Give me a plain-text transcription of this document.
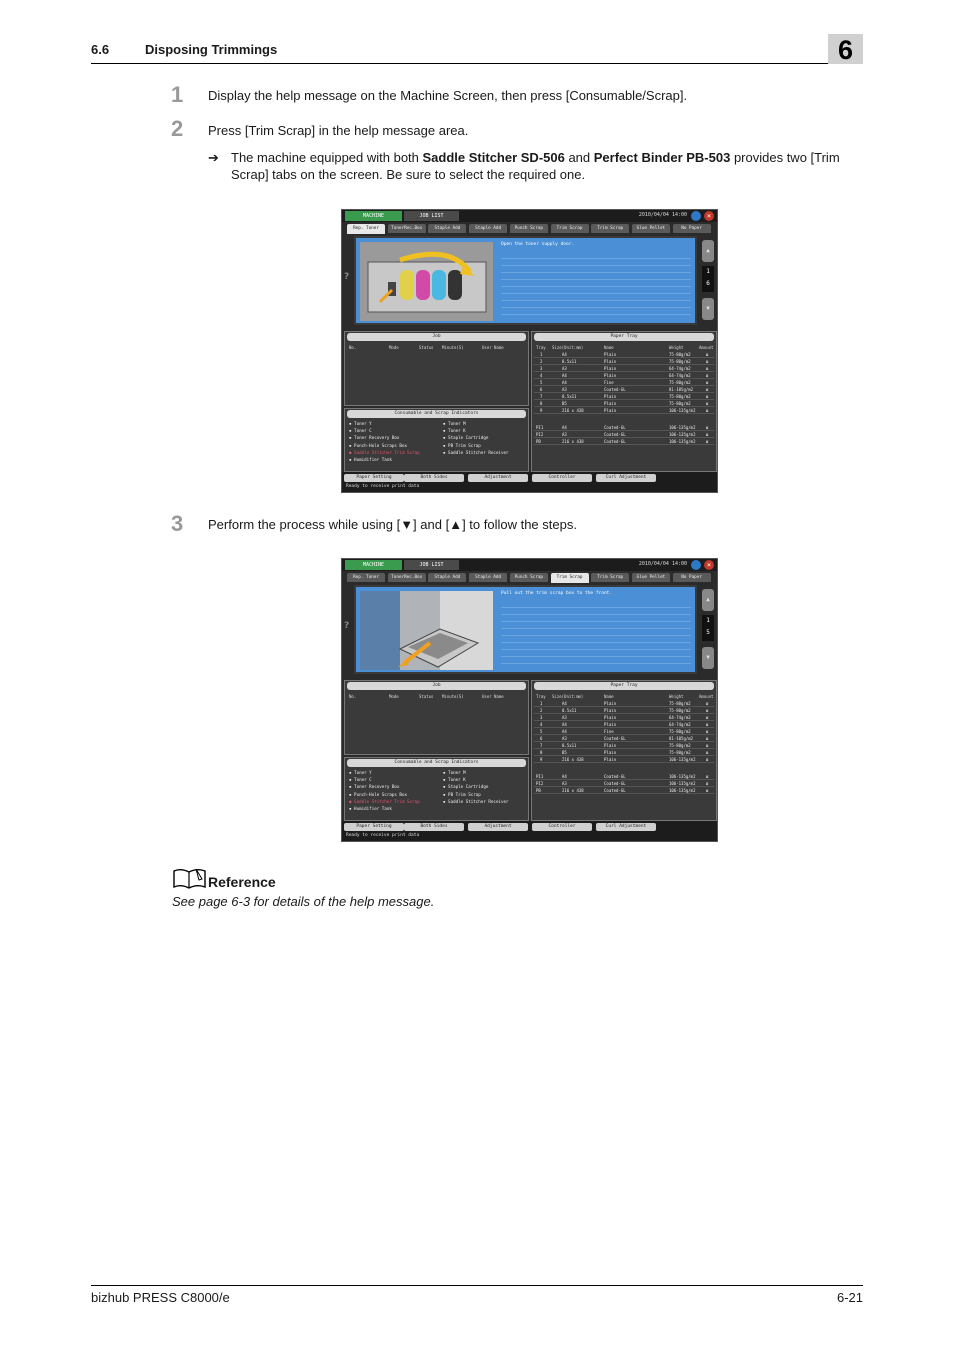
6.6	Disposing Trimmings	6
1 Display the help message on the Machine Screen, then press [Consumable/Scrap].
2 Press [Trim Scrap] in the help message area.
➔ The machine equipped with both Saddle Stitcher SD-506 and Perfect Binder PB-503 provides two [Trim Scrap] tabs on the screen. Be sure to select the required one.
MACHINE	JOB LIST	2010/04/04 14:00	×
Rep. Toner	TonerRec.Box	Staple Add	Staple Add	Punch Scrap	Trim Scrap	Trim Scrap	Glue Pellet	No Paper
?
Open the toner supply door.
▲
1
6
▼
Job
No.	Mode	Status Minute(S)	User Name
Paper Tray
Tray Size(Unit:mm)	Name	Weight	Amount
1	A4	Plain	75-80g/m2	≣
2	8.5x11	Plain	75-80g/m2	≣
3	A3	Plain	64-74g/m2	≣
4	A4	Plain	64-74g/m2	≣
5	A4	Fine	75-80g/m2	≣
6	A3	Coated-GL	81-105g/m2	≣
7	8.5x11	Plain	75-80g/m2	≣
8	B5	Plain	75-80g/m2	≣
9	216 x 438	Plain	106-135g/m2	≣
PI1	A4	Coated-GL	106-135g/m2	≣
PI2	A3	Coated-GL	106-135g/m2	≣
PB	216 x 438	Coated-GL	106-135g/m2	≣
Consumable and Scrap Indicators
▪ Toner Y	▪ Toner M
▪ Toner C	▪ Toner K
▪ Toner Recovery Box	▪ Staple Cartridge
▪ Punch-Hole Scraps Box	▪ PB Trim Scrap
● Saddle Stitcher Trim Scrap	▪ Saddle Stitcher Receiver
▪ Humidifier Tank
Paper Setting	Both Sides	Adjustment	Controller	Curl Adjustment
Ready to receive print data
3 Perform the process while using [▼] and [▲] to follow the steps.
MACHINE	JOB LIST	2010/04/04 14:00	×
Rep. Toner	TonerRec.Box	Staple Add	Staple Add	Punch Scrap	Trim Scrap	Trim Scrap	Glue Pellet	No Paper
?
Pull out the trim scrap box to the front.
▲
1
5
▼
Job
No.	Mode	Status Minute(S)	User Name
Paper Tray
Tray Size(Unit:mm)	Name	Weight	Amount
1	A4	Plain	75-80g/m2	≣
2	8.5x11	Plain	75-80g/m2	≣
3	A3	Plain	64-74g/m2	≣
4	A4	Plain	64-74g/m2	≣
5	A4	Fine	75-80g/m2	≣
6	A3	Coated-GL	81-105g/m2	≣
7	8.5x11	Plain	75-80g/m2	≣
8	B5	Plain	75-80g/m2	≣
9	216 x 438	Plain	106-135g/m2	≣
PI1	A4	Coated-GL	106-135g/m2	≣
PI2	A3	Coated-GL	106-135g/m2	≣
PB	216 x 438	Coated-GL	106-135g/m2	≣
Consumable and Scrap Indicators
▪ Toner Y	▪ Toner M
▪ Toner C	▪ Toner K
▪ Toner Recovery Box	▪ Staple Cartridge
▪ Punch-Hole Scraps Box	▪ PB Trim Scrap
● Saddle Stitcher Trim Scrap	▪ Saddle Stitcher Receiver
▪ Humidifier Tank
Paper Setting	Both Sides	Adjustment	Controller	Curl Adjustment
Ready to receive print data
Reference
See page 6-3 for details of the help message.
bizhub PRESS C8000/e	6-21
